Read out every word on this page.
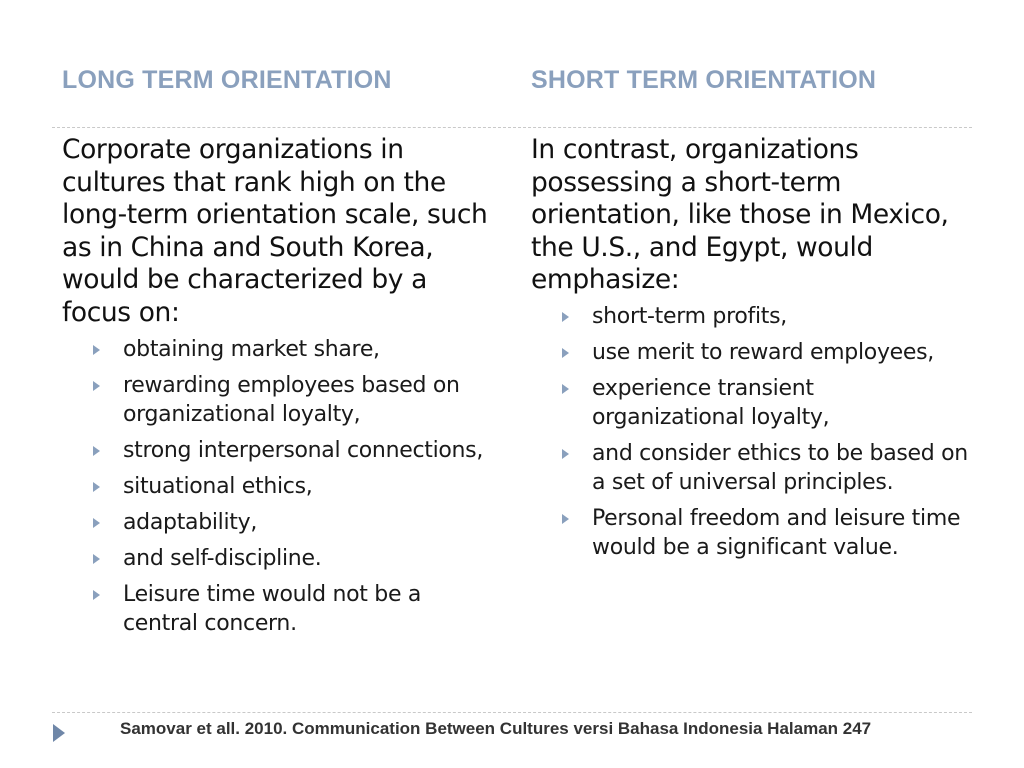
LONG TERM ORIENTATION	SHORT TERM ORIENTATION

Corporate organizations in cultures that rank high on the long-term orientation scale, such as in China and South Korea, would be characterized by a focus on:

obtaining market share,
rewarding employees based on organizational loyalty,
strong interpersonal connections,
situational ethics,
adaptability,
and self-discipline.
Leisure time would not be a central concern.

In contrast, organizations possessing a short-term orientation, like those in Mexico, the U.S., and Egypt, would emphasize:

short-term profits,
use merit to reward employees,
experience transient organizational loyalty,
and consider ethics to be based on a set of universal principles.
Personal freedom and leisure time would be a significant value.
Samovar et all. 2010. Communication Between Cultures versi Bahasa Indonesia Halaman 247
